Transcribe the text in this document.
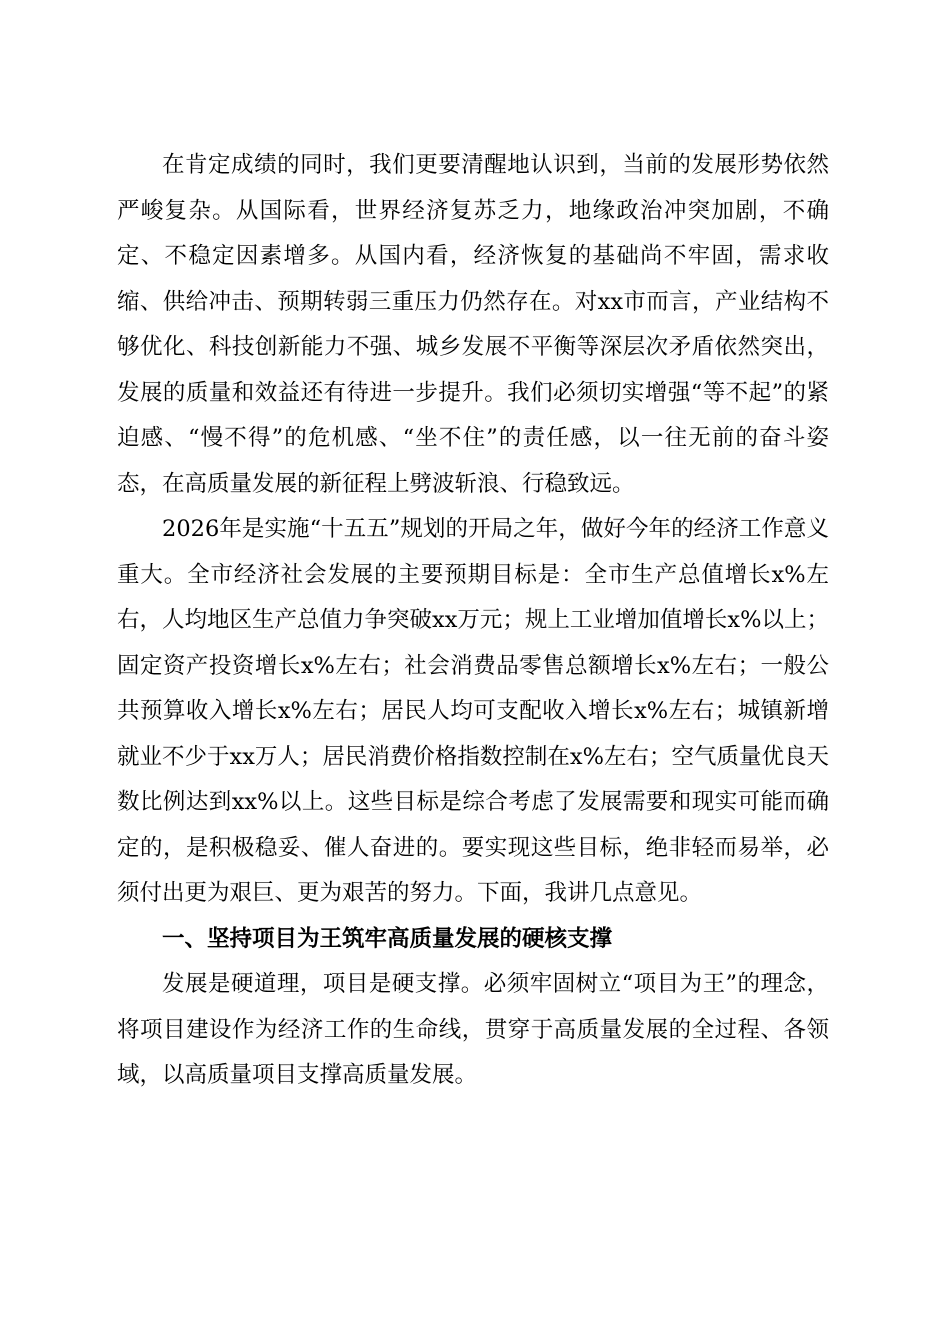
在肯定成绩的同时，我们更要清醒地认识到，当前的发展形势依然严峻复杂。从国际看，世界经济复苏乏力，地缘政治冲突加剧，不确定、不稳定因素增多。从国内看，经济恢复的基础尚不牢固，需求收缩、供给冲击、预期转弱三重压力仍然存在。对xx市而言，产业结构不够优化、科技创新能力不强、城乡发展不平衡等深层次矛盾依然突出，发展的质量和效益还有待进一步提升。我们必须切实增强“等不起”的紧迫感、“慢不得”的危机感、“坐不住”的责任感，以一往无前的奋斗姿态，在高质量发展的新征程上劈波斩浪、行稳致远。

2026年是实施“十五五”规划的开局之年，做好今年的经济工作意义重大。全市经济社会发展的主要预期目标是：全市生产总值增长x%左右，人均地区生产总值力争突破xx万元；规上工业增加值增长x%以上；固定资产投资增长x%左右；社会消费品零售总额增长x%左右；一般公共预算收入增长x%左右；居民人均可支配收入增长x%左右；城镇新增就业不少于xx万人；居民消费价格指数控制在x%左右；空气质量优良天数比例达到xx%以上。这些目标是综合考虑了发展需要和现实可能而确定的，是积极稳妥、催人奋进的。要实现这些目标，绝非轻而易举，必须付出更为艰巨、更为艰苦的努力。下面，我讲几点意见。

一、坚持项目为王筑牢高质量发展的硬核支撑

发展是硬道理，项目是硬支撑。必须牢固树立“项目为王”的理念，将项目建设作为经济工作的生命线，贯穿于高质量发展的全过程、各领域，以高质量项目支撑高质量发展。
